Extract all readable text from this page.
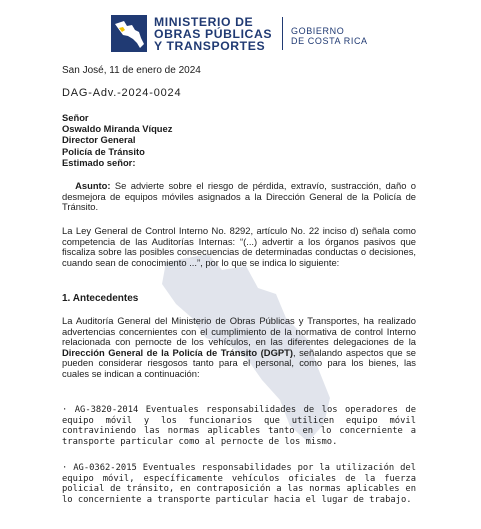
MINISTERIO DE
OBRAS PÚBLICAS
Y TRANSPORTES
GOBIERNO
DE COSTA RICA
San José, 11 de enero de 2024
DAG-Adv.-2024-0024
Señor
Oswaldo Miranda Víquez
Director General
Policía de Tránsito
Estimado señor:
Asunto: Se advierte sobre el riesgo de pérdida, extravío, sustracción, daño o desmejora de equipos móviles asignados a la Dirección General de la Policía de Tránsito.
La Ley General de Control Interno No. 8292, artículo No. 22 inciso d) señala como competencia de las Auditorías Internas: “(...) advertir a los órganos pasivos que fiscaliza sobre las posibles consecuencias de determinadas conductas o decisiones, cuando sean de conocimiento ...”, por lo que se indica lo siguiente:
1. Antecedentes
La Auditoría General del Ministerio de Obras Públicas y Transportes, ha realizado advertencias concernientes con el cumplimiento de la normativa de control Interno relacionada con pernocte de los vehículos, en las diferentes delegaciones de la Dirección General de la Policía de Tránsito (DGPT), señalando aspectos que se pueden considerar riesgosos tanto para el personal, como para los bienes, las cuales se indican a continuación:
· AG-3820-2014 Eventuales responsabilidades de los operadores de equipo móvil y los funcionarios que utilicen equipo móvil contraviniendo las normas aplicables tanto en lo concerniente a transporte particular como al pernocte de los mismo.
· AG-0362-2015 Eventuales responsabilidades por la utilización del equipo móvil, específicamente vehículos oficiales de la fuerza policial de tránsito, en contraposición a las normas aplicables en lo concerniente a transporte particular hacia el lugar de trabajo.
